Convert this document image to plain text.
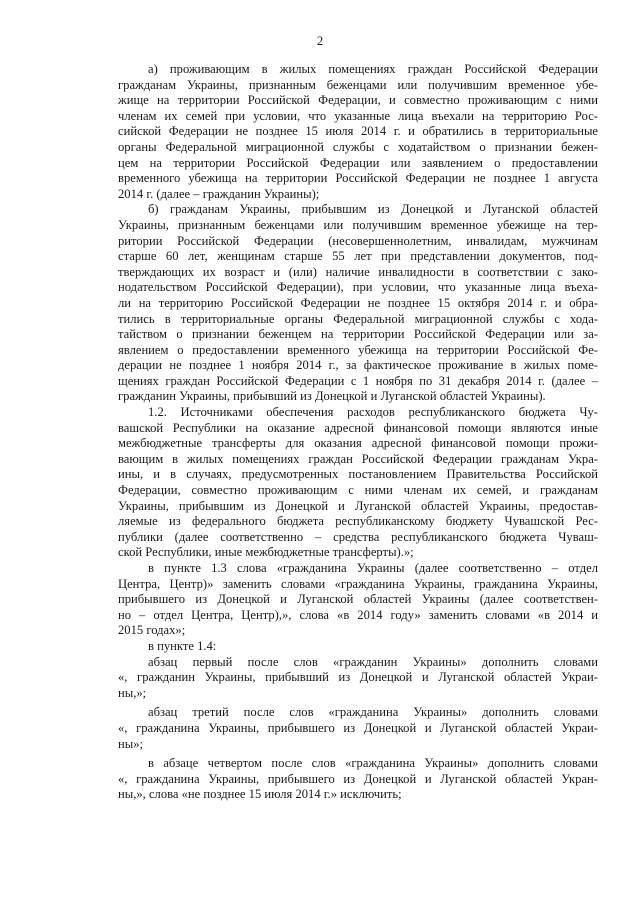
2
а) проживающим в жилых помещениях граждан Российской Федерации
гражданам Украины, признанным беженцами или получившим временное убе-
жище на территории Российской Федерации, и совместно проживающим с ними
членам их семей при условии, что указанные лица въехали на территорию Рос-
сийской Федерации не позднее 15 июля 2014 г. и обратились в территориальные
органы Федеральной миграционной службы с ходатайством о признании бежен-
цем на территории Российской Федерации или заявлением о предоставлении
временного убежища на территории Российской Федерации не позднее 1 августа
2014 г. (далее – гражданин Украины);
б) гражданам Украины, прибывшим из Донецкой и Луганской областей
Украины, признанным беженцами или получившим временное убежище на тер-
ритории Российской Федерации (несовершеннолетним, инвалидам, мужчинам
старше 60 лет, женщинам старше 55 лет при представлении документов, под-
тверждающих их возраст и (или) наличие инвалидности в соответствии с зако-
нодательством Российской Федерации), при условии, что указанные лица въеха-
ли на территорию Российской Федерации не позднее 15 октября 2014 г. и обра-
тились в территориальные органы Федеральной миграционной службы с хода-
тайством о признании беженцем на территории Российской Федерации или за-
явлением о предоставлении временного убежища на территории Российской Фе-
дерации не позднее 1 ноября 2014 г., за фактическое проживание в жилых поме-
щениях граждан Российской Федерации с 1 ноября по 31 декабря 2014 г. (далее –
гражданин Украины, прибывший из Донецкой и Луганской областей Украины).
1.2. Источниками обеспечения расходов республиканского бюджета Чу-
вашской Республики на оказание адресной финансовой помощи являются иные
межбюджетные трансферты для оказания адресной финансовой помощи прожи-
вающим в жилых помещениях граждан Российской Федерации гражданам Укра-
ины, и в случаях, предусмотренных постановлением Правительства Российской
Федерации, совместно проживающим с ними членам их семей, и гражданам
Украины, прибывшим из Донецкой и Луганской областей Украины, предостав-
ляемые из федерального бюджета республиканскому бюджету Чувашской Рес-
публики (далее соответственно – средства республиканского бюджета Чуваш-
ской Республики, иные межбюджетные трансферты).»;
в пункте 1.3 слова «гражданина Украины (далее соответственно – отдел
Центра, Центр)» заменить словами «гражданина Украины, гражданина Украины,
прибывшего из Донецкой и Луганской областей Украины (далее соответствен-
но – отдел Центра, Центр),», слова «в 2014 году» заменить словами «в 2014 и
2015 годах»;
в пункте 1.4:
абзац первый после слов «гражданин Украины» дополнить словами
«, гражданин Украины, прибывший из Донецкой и Луганской областей Украи-
ны,»;
абзац третий после слов «гражданина Украины» дополнить словами
«, гражданина Украины, прибывшего из Донецкой и Луганской областей Украи-
ны»;
в абзаце четвертом после слов «гражданина Украины» дополнить словами
«, гражданина Украины, прибывшего из Донецкой и Луганской областей Укран-
ны,», слова «не позднее 15 июля 2014 г.» исключить;
